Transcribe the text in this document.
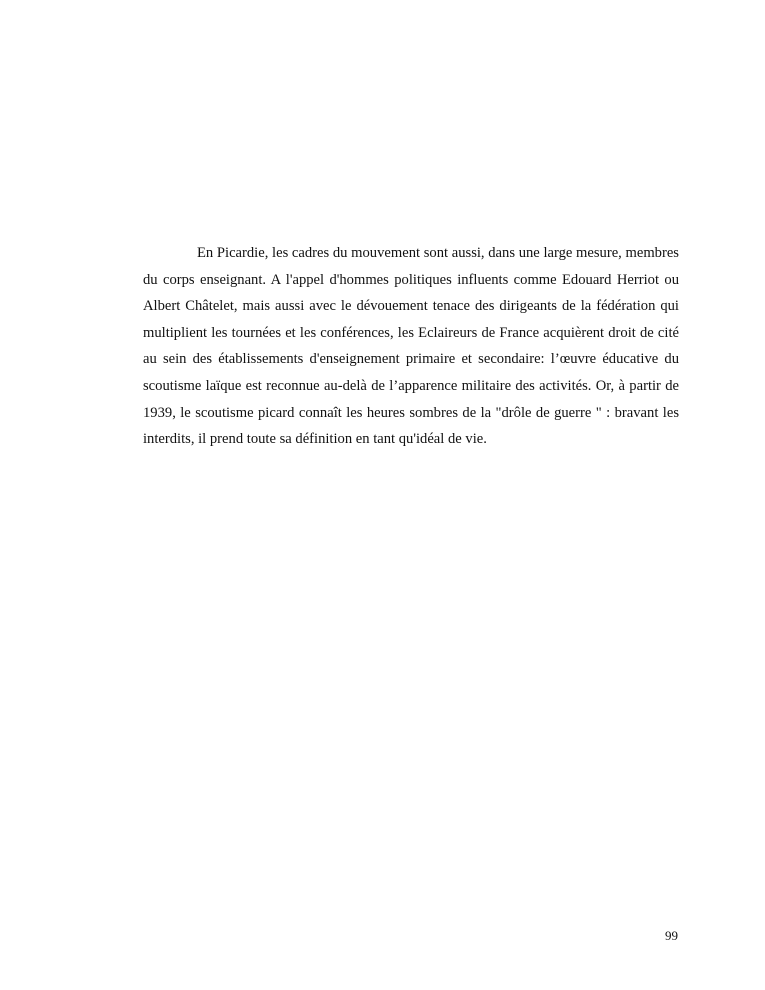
En Picardie, les cadres du mouvement sont aussi, dans une large mesure, membres du corps enseignant. A l'appel d'hommes politiques influents comme Edouard Herriot ou Albert Châtelet, mais aussi avec le dévouement tenace des dirigeants de la fédération qui multiplient les tournées et les conférences, les Eclaireurs de France acquièrent droit de cité au sein des établissements d'enseignement primaire et secondaire: l’œuvre éducative du scoutisme laïque est reconnue au-delà de l’apparence militaire des activités. Or, à partir de 1939, le scoutisme picard connaît les heures sombres de la "drôle de guerre " : bravant les interdits, il prend toute sa définition en tant qu'idéal de vie.

99
